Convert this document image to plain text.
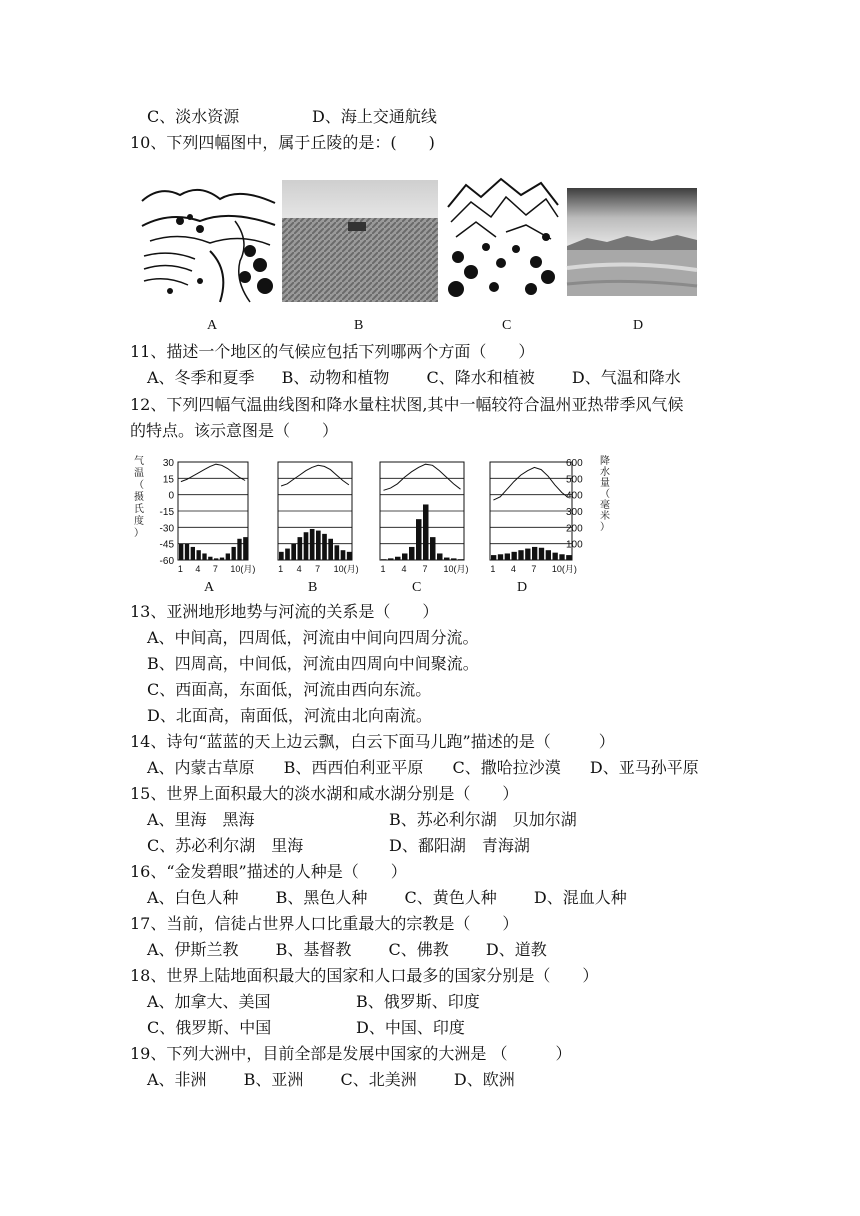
C、淡水资源	D、海上交通航线
10、下列四幅图中，属于丘陵的是：(　　)
A	B	C	D
11、描述一个地区的气候应包括下列哪两个方面（　　）
A、冬季和夏季 B、动物和植物 C、降水和植被 D、气温和降水
12、下列四幅气温曲线图和降水量柱状图,其中一幅较符合温州亚热带季风气候
的特点。该示意图是（　　）
气
温
（
摄
氏
度
）
30
15
0
-15
-30
-45
-60
600
500
400
300
200
100
降
水
量
（
毫
米
）
1 4 7 10(月)	1 4 7 10(月) 1 4 7 10(月) 1 4 7 10(月)
A	B	C	D
13、亚洲地形地势与河流的关系是（　　）
A、中间高，四周低，河流由中间向四周分流。
B、四周高，中间低，河流由四周向中间聚流。
C、西面高，东面低，河流由西向东流。
D、北面高，南面低，河流由北向南流。
14、诗句“蓝蓝的天上边云飘，白云下面马儿跑”描述的是（　　　）
A、内蒙古草原 B、西西伯利亚平原 C、撒哈拉沙漠 D、亚马孙平原
15、世界上面积最大的淡水湖和咸水湖分别是（　　）
A、里海　黑海	B、苏必利尔湖　贝加尔湖
C、苏必利尔湖　里海	D、鄱阳湖　青海湖
16、“金发碧眼”描述的人种是（　　）
A、白色人种 B、黑色人种 C、黄色人种 D、混血人种
17、当前，信徒占世界人口比重最大的宗教是（　　）
A、伊斯兰教 B、基督教 C、佛教 D、道教
18、世界上陆地面积最大的国家和人口最多的国家分别是（　　）
A、加拿大、美国	B、俄罗斯、印度
C、俄罗斯、中国	D、中国、印度
19、下列大洲中，目前全部是发展中国家的大洲是 （　　　）
A、非洲 B、亚洲 C、北美洲 D、欧洲
